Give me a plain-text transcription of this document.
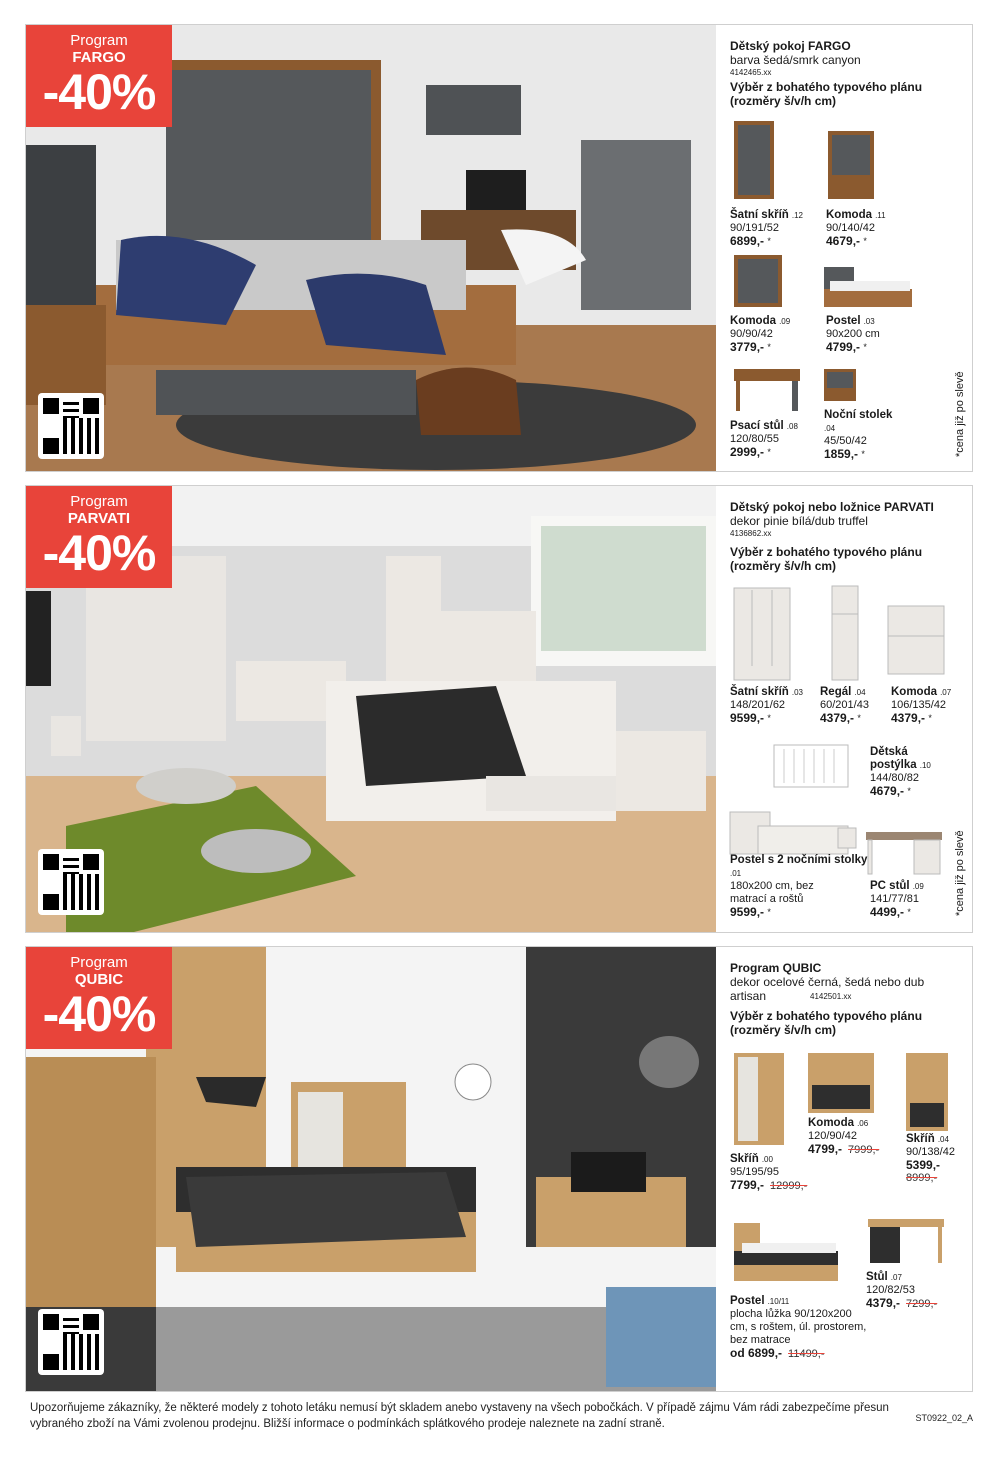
Program
FARGO
-40%
Dětský pokoj FARGO
barva šedá/smrk canyon
4142465.xx
Výběr z bohatého typového plánu (rozměry š/v/h cm)
Šatní skříň .12
90/191/52
6899,- *
Komoda .11
90/140/42
4679,- *
Komoda .09
90/90/42
3779,- *
Postel .03
90x200 cm
4799,- *
Psací stůl .08
120/80/55
2999,- *
Noční stolek .04
45/50/42
1859,- *	*cena již po slevě
Program
PARVATI
-40%
Dětský pokoj nebo ložnice PARVATI
dekor pinie bílá/dub truffel
4136862.xx
Výběr z bohatého typového plánu (rozměry š/v/h cm)
Šatní skříň .03
148/201/62
9599,- *
Regál .04
60/201/43
4379,- *
Komoda .07
106/135/42
4379,- *
Dětská postýlka .10
144/80/82
4679,- *
Postel s 2 nočními stolky .01
180x200 cm, bez matrací a roštů
9599,- *
PC stůl .09
141/77/81
4499,- *	*cena již po slevě
Program
QUBIC
-40%
Program QUBIC
dekor ocelové černá, šedá nebo dub artisan	4142501.xx
Výběr z bohatého typového plánu (rozměry š/v/h cm)
Skříň .00
95/195/95
7799,- 12999,-
Komoda .06
120/90/42
4799,- 7999,-
Skříň .04
90/138/42
5399,-
8999,-
Postel .10/11
plocha lůžka 90/120x200 cm, s roštem, úl. prostorem, bez matrace
od 6899,- 11499,-
Stůl .07
120/82/53
4379,- 7299,-
Upozorňujeme zákazníky, že některé modely z tohoto letáku nemusí být skladem anebo vystaveny na všech pobočkách. V případě zájmu Vám rádi zabezpečíme přesun vybraného zboží na Vámi zvolenou prodejnu. Bližší informace o podmínkách splátkového prodeje naleznete na zadní straně.	ST0922_02_A
